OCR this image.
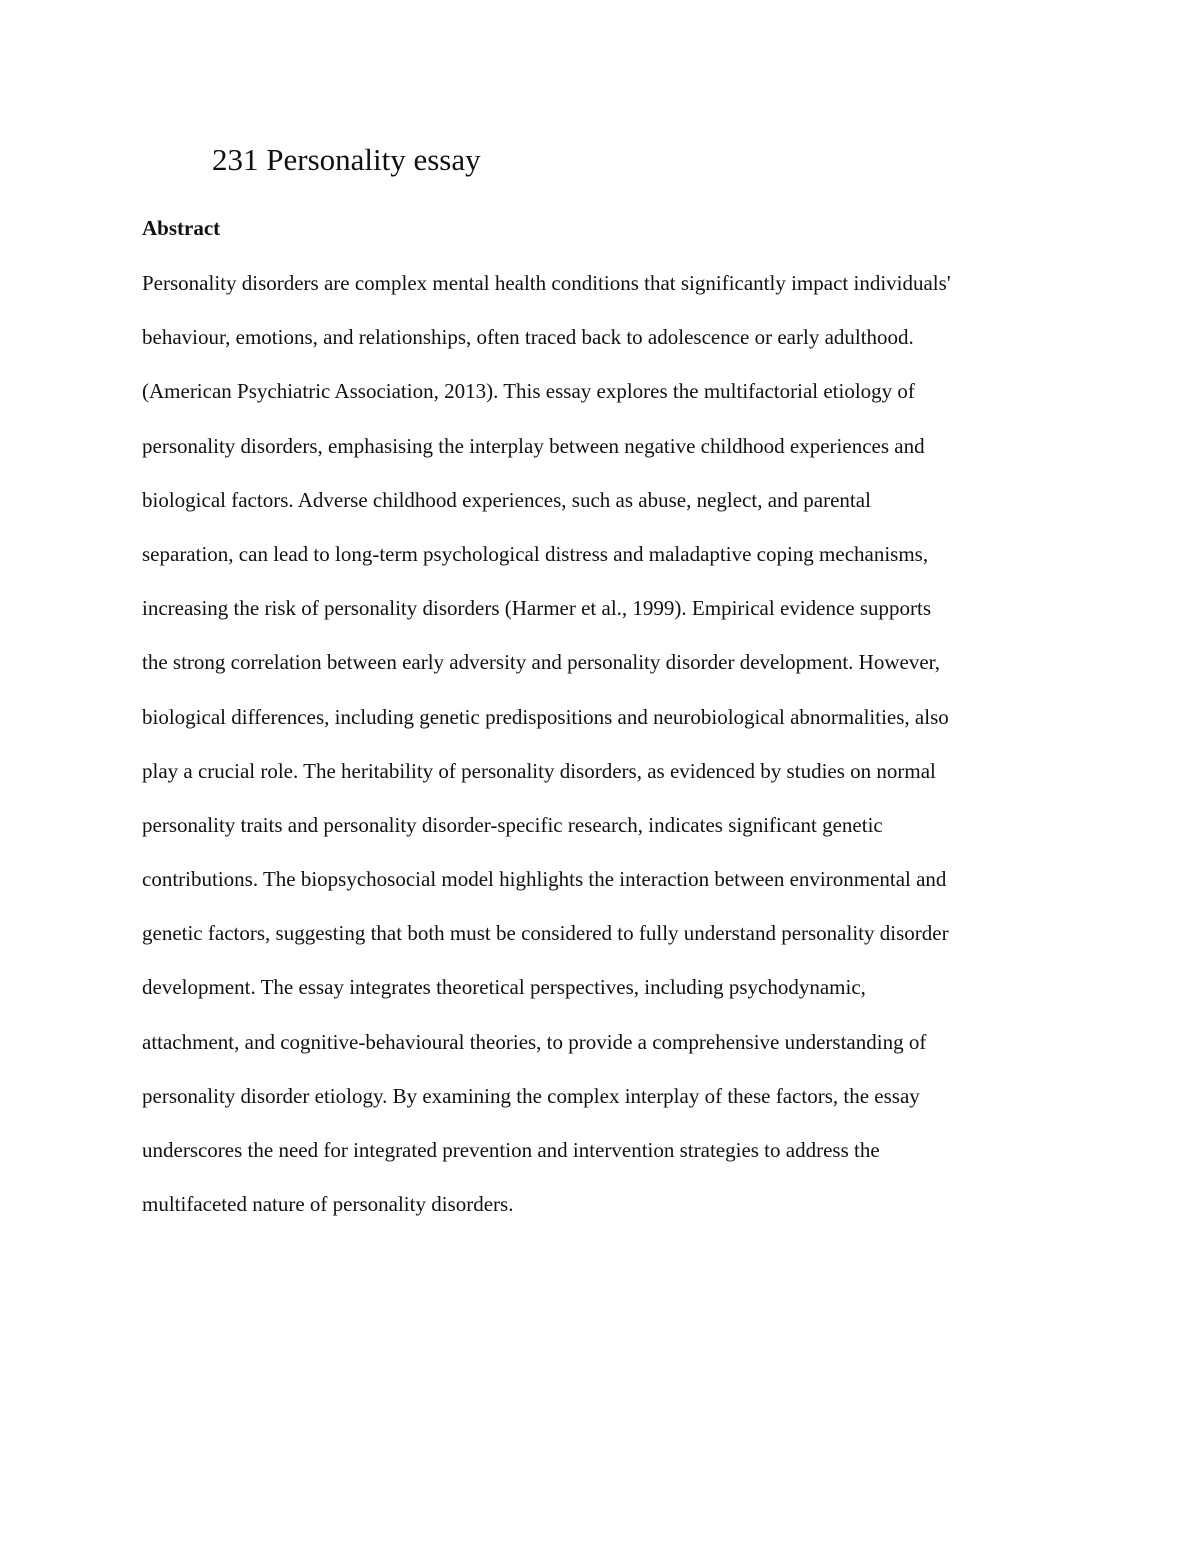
231 Personality essay
Abstract
Personality disorders are complex mental health conditions that significantly impact individuals'
behaviour, emotions, and relationships, often traced back to adolescence or early adulthood.
(American Psychiatric Association, 2013). This essay explores the multifactorial etiology of
personality disorders, emphasising the interplay between negative childhood experiences and
biological factors. Adverse childhood experiences, such as abuse, neglect, and parental
separation, can lead to long-term psychological distress and maladaptive coping mechanisms,
increasing the risk of personality disorders (Harmer et al., 1999). Empirical evidence supports
the strong correlation between early adversity and personality disorder development. However,
biological differences, including genetic predispositions and neurobiological abnormalities, also
play a crucial role. The heritability of personality disorders, as evidenced by studies on normal
personality traits and personality disorder-specific research, indicates significant genetic
contributions. The biopsychosocial model highlights the interaction between environmental and
genetic factors, suggesting that both must be considered to fully understand personality disorder
development. The essay integrates theoretical perspectives, including psychodynamic,
attachment, and cognitive-behavioural theories, to provide a comprehensive understanding of
personality disorder etiology. By examining the complex interplay of these factors, the essay
underscores the need for integrated prevention and intervention strategies to address the
multifaceted nature of personality disorders.
